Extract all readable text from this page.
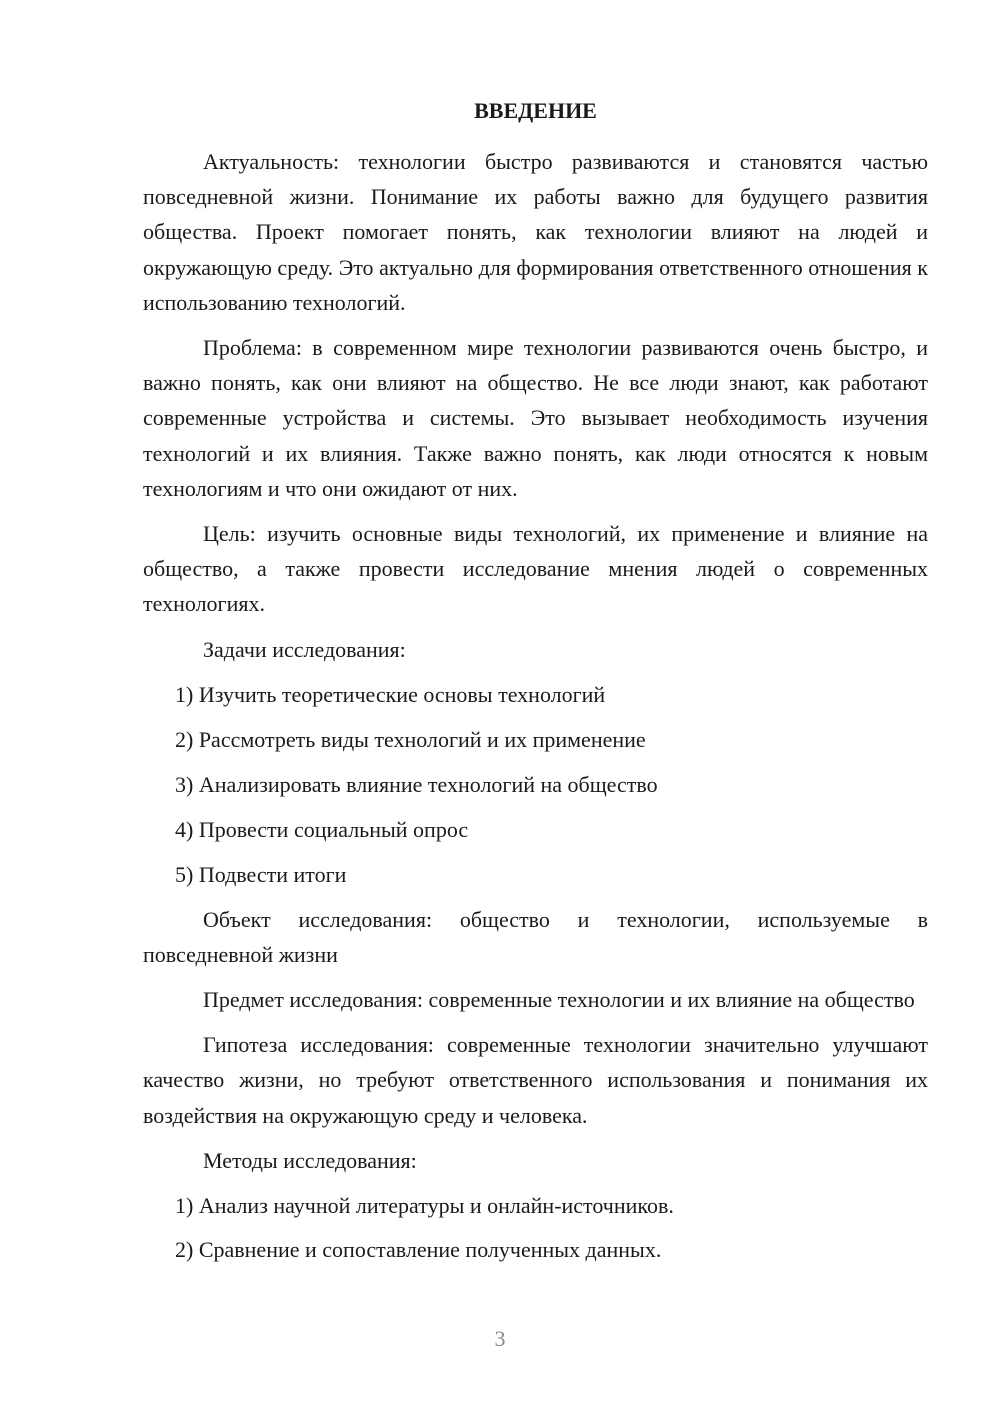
ВВЕДЕНИЕ

Актуальность: технологии быстро развиваются и становятся частью повседневной жизни. Понимание их работы важно для будущего развития общества. Проект помогает понять, как технологии влияют на людей и окружающую среду. Это актуально для формирования ответственного отношения к использованию технологий.

Проблема: в современном мире технологии развиваются очень быстро, и важно понять, как они влияют на общество. Не все люди знают, как работают современные устройства и системы. Это вызывает необходимость изучения технологий и их влияния. Также важно понять, как люди относятся к новым технологиям и что они ожидают от них.

Цель: изучить основные виды технологий, их применение и влияние на общество, а также провести исследование мнения людей о современных технологиях.

Задачи исследования:

1) Изучить теоретические основы технологий
2) Рассмотреть виды технологий и их применение
3) Анализировать влияние технологий на общество
4) Провести социальный опрос
5) Подвести итоги

Объект исследования: общество и технологии, используемые в повседневной жизни

Предмет исследования: современные технологии и их влияние на общество

Гипотеза исследования: современные технологии значительно улучшают качество жизни, но требуют ответственного использования и понимания их воздействия на окружающую среду и человека.

Методы исследования:

1) Анализ научной литературы и онлайн-источников.
2) Сравнение и сопоставление полученных данных.
3
